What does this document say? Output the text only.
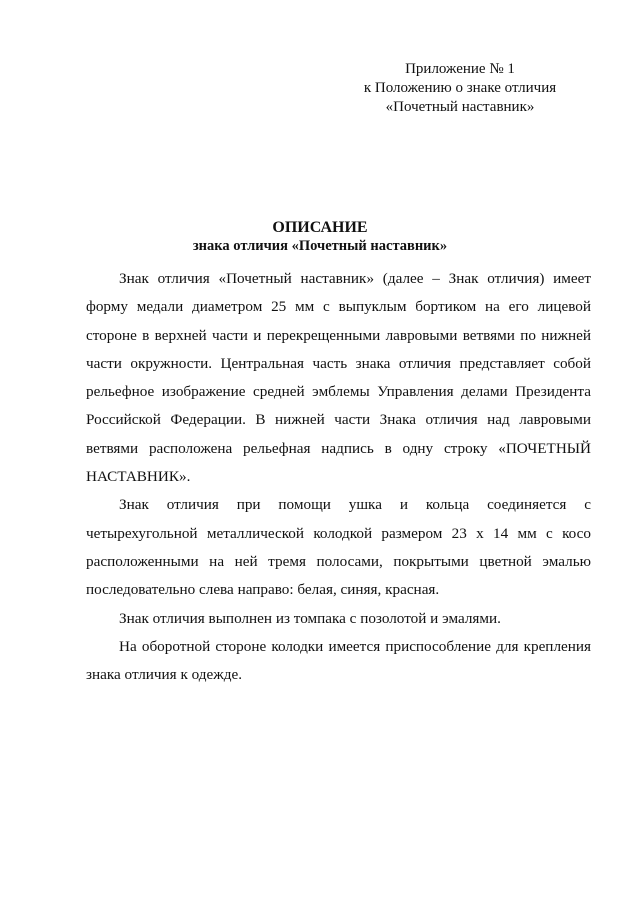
Приложение № 1
к Положению о знаке отличия
«Почетный наставник»
ОПИСАНИЕ
знака отличия «Почетный наставник»

Знак отличия «Почетный наставник» (далее – Знак отличия) имеет форму медали диаметром 25 мм с выпуклым бортиком на его лицевой стороне в верхней части и перекрещенными лавровыми ветвями по нижней части окружности. Центральная часть знака отличия представляет собой рельефное изображение средней эмблемы Управления делами Президента Российской Федерации. В нижней части Знака отличия над лавровыми ветвями расположена рельефная надпись в одну строку «ПОЧЕТНЫЙ НАСТАВНИК».

Знак отличия при помощи ушка и кольца соединяется с четырехугольной металлической колодкой размером 23 х 14 мм с косо расположенными на ней тремя полосами, покрытыми цветной эмалью последовательно слева направо: белая, синяя, красная.

Знак отличия выполнен из томпака с позолотой и эмалями.

На оборотной стороне колодки имеется приспособление для крепления знака отличия к одежде.
